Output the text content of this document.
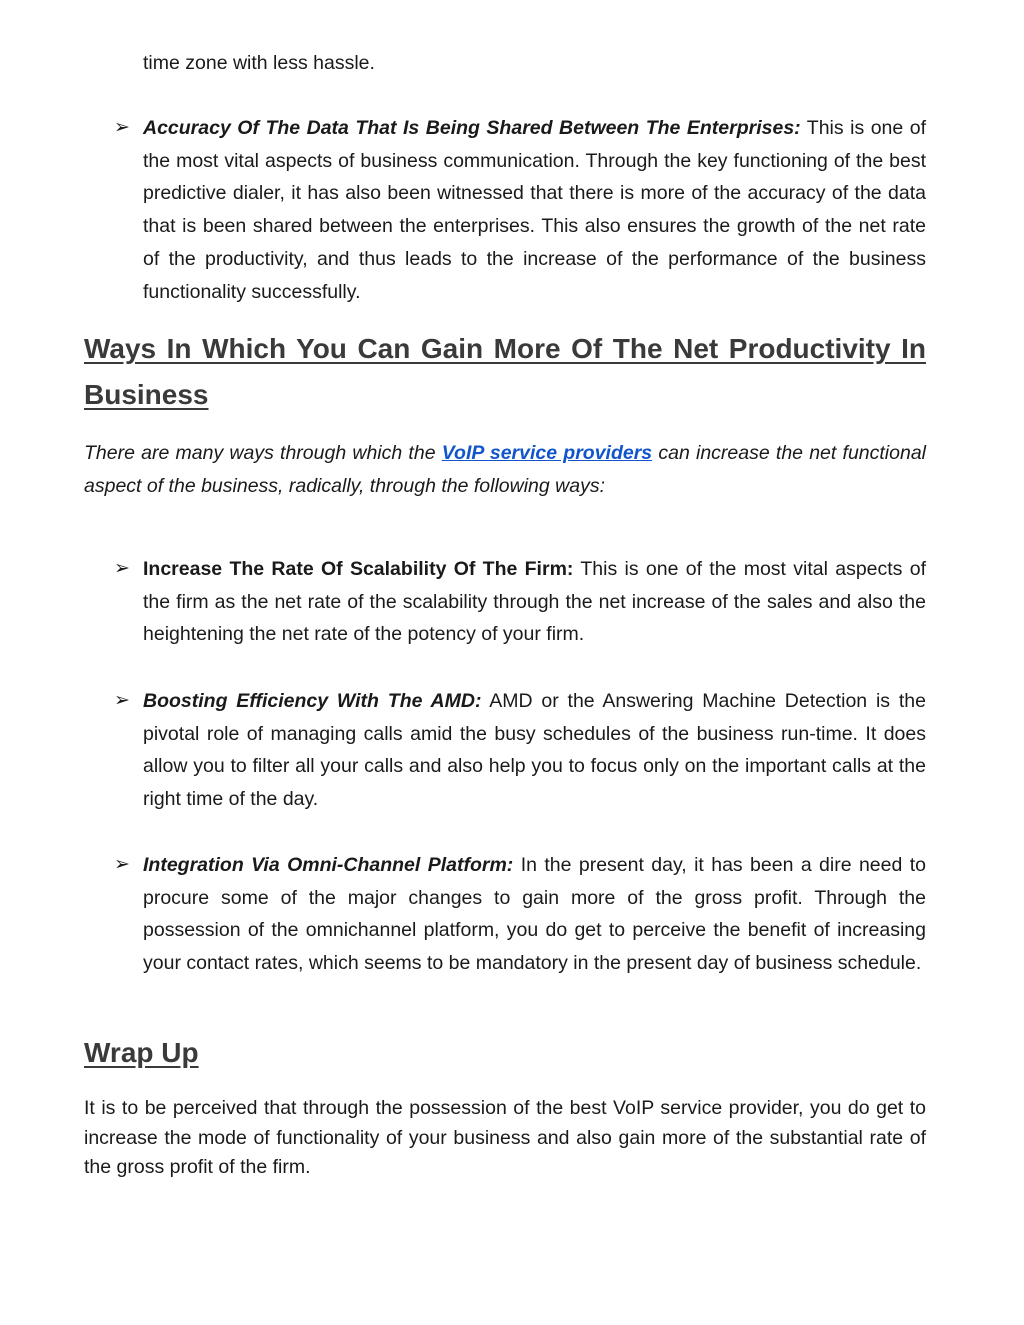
time zone with less hassle.
➢ Accuracy Of The Data That Is Being Shared Between The Enterprises: This is one of the most vital aspects of business communication. Through the key functioning of the best predictive dialer, it has also been witnessed that there is more of the accuracy of the data that is been shared between the enterprises. This also ensures the growth of the net rate of the productivity, and thus leads to the increase of the performance of the business functionality successfully.
Ways In Which You Can Gain More Of The Net Productivity In Business
There are many ways through which the VoIP service providers can increase the net functional aspect of the business, radically, through the following ways:
➢ Increase The Rate Of Scalability Of The Firm: This is one of the most vital aspects of the firm as the net rate of the scalability through the net increase of the sales and also the heightening the net rate of the potency of your firm.
➢ Boosting Efficiency With The AMD: AMD or the Answering Machine Detection is the pivotal role of managing calls amid the busy schedules of the business run-time. It does allow you to filter all your calls and also help you to focus only on the important calls at the right time of the day.
➢ Integration Via Omni-Channel Platform: In the present day, it has been a dire need to procure some of the major changes to gain more of the gross profit. Through the possession of the omnichannel platform, you do get to perceive the benefit of increasing your contact rates, which seems to be mandatory in the present day of business schedule.
Wrap Up
It is to be perceived that through the possession of the best VoIP service provider, you do get to increase the mode of functionality of your business and also gain more of the substantial rate of the gross profit of the firm.
